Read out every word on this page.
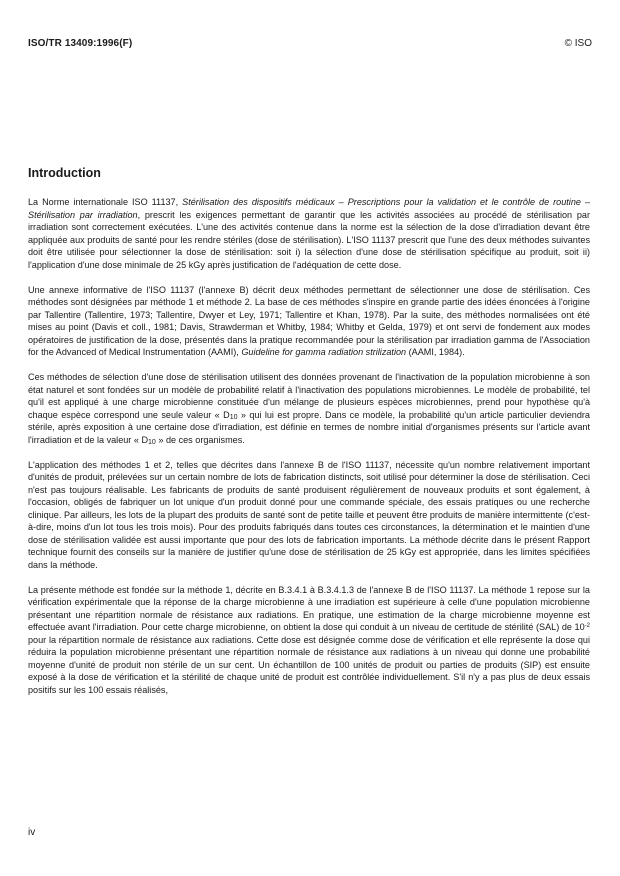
ISO/TR 13409:1996(F)	© ISO
Introduction

La Norme internationale ISO 11137, Stérilisation des dispositifs médicaux – Prescriptions pour la validation et le contrôle de routine – Stérilisation par irradiation, prescrit les exigences permettant de garantir que les activités associées au procédé de stérilisation par irradiation sont correctement exécutées. L'une des activités contenue dans la norme est la sélection de la dose d'irradiation devant être appliquée aux produits de santé pour les rendre stériles (dose de stérilisation). L'ISO 11137 prescrit que l'une des deux méthodes suivantes doit être utilisée pour sélectionner la dose de stérilisation: soit i) la sélection d'une dose de stérilisation spécifique au produit, soit ii) l'application d'une dose minimale de 25 kGy après justification de l'adéquation de cette dose.

Une annexe informative de l'ISO 11137 (l'annexe B) décrit deux méthodes permettant de sélectionner une dose de stérilisation. Ces méthodes sont désignées par méthode 1 et méthode 2. La base de ces méthodes s'inspire en grande partie des idées énoncées à l'origine par Tallentire (Tallentire, 1973; Tallentire, Dwyer et Ley, 1971; Tallentire et Khan, 1978). Par la suite, des méthodes normalisées ont été mises au point (Davis et coll., 1981; Davis, Strawderman et Whitby, 1984; Whitby et Gelda, 1979) et ont servi de fondement aux modes opératoires de justification de la dose, présentés dans la pratique recommandée pour la stérilisation par irradiation gamma de l'Association for the Advanced of Medical Instrumentation (AAMI), Guideline for gamma radiation strilization (AAMI, 1984).

Ces méthodes de sélection d'une dose de stérilisation utilisent des données provenant de l'inactivation de la population microbienne à son état naturel et sont fondées sur un modèle de probabilité relatif à l'inactivation des populations microbiennes. Le modèle de probabilité, tel qu'il est appliqué à une charge microbienne constituée d'un mélange de plusieurs espèces microbiennes, prend pour hypothèse qu'à chaque espèce correspond une seule valeur « $D_{10}$ » qui lui est propre. Dans ce modèle, la probabilité qu'un article particulier deviendra stérile, après exposition à une certaine dose d'irradiation, est définie en termes de nombre initial d'organismes présents sur l'article avant l'irradiation et de la valeur « $D_{10}$ » de ces organismes.

L'application des méthodes 1 et 2, telles que décrites dans l'annexe B de l'ISO 11137, nécessite qu'un nombre relativement important d'unités de produit, prélevées sur un certain nombre de lots de fabrication distincts, soit utilisé pour déterminer la dose de stérilisation. Ceci n'est pas toujours réalisable. Les fabricants de produits de santé produisent régulièrement de nouveaux produits et sont également, à l'occasion, obligés de fabriquer un lot unique d'un produit donné pour une commande spéciale, des essais pratiques ou une recherche clinique. Par ailleurs, les lots de la plupart des produits de santé sont de petite taille et peuvent être produits de manière intermittente (c'est-à-dire, moins d'un lot tous les trois mois). Pour des produits fabriqués dans toutes ces circonstances, la détermination et le maintien d'une dose de stérilisation validée est aussi importante que pour des lots de fabrication importants. La méthode décrite dans le présent Rapport technique fournit des conseils sur la manière de justifier qu'une dose de stérilisation de 25 kGy est appropriée, dans les limites spécifiées dans la méthode.

La présente méthode est fondée sur la méthode 1, décrite en B.3.4.1 à B.3.4.1.3 de l'annexe B de l'ISO 11137. La méthode 1 repose sur la vérification expérimentale que la réponse de la charge microbienne à une irradiation est supérieure à celle d'une population microbienne présentant une répartition normale de résistance aux radiations. En pratique, une estimation de la charge microbienne moyenne est effectuée avant l'irradiation. Pour cette charge microbienne, on obtient la dose qui conduit à un niveau de certitude de stérilité (SAL) de $10^{-2}$ pour la répartition normale de résistance aux radiations. Cette dose est désignée comme dose de vérification et elle représente la dose qui réduira la population microbienne présentant une répartition normale de résistance aux radiations à un niveau qui donne une probabilité moyenne d'unité de produit non stérile de un sur cent. Un échantillon de 100 unités de produit ou parties de produits (SIP) est ensuite exposé à la dose de vérification et la stérilité de chaque unité de produit est contrôlée individuellement. S'il n'y a pas plus de deux essais positifs sur les 100 essais réalisés,

iv
